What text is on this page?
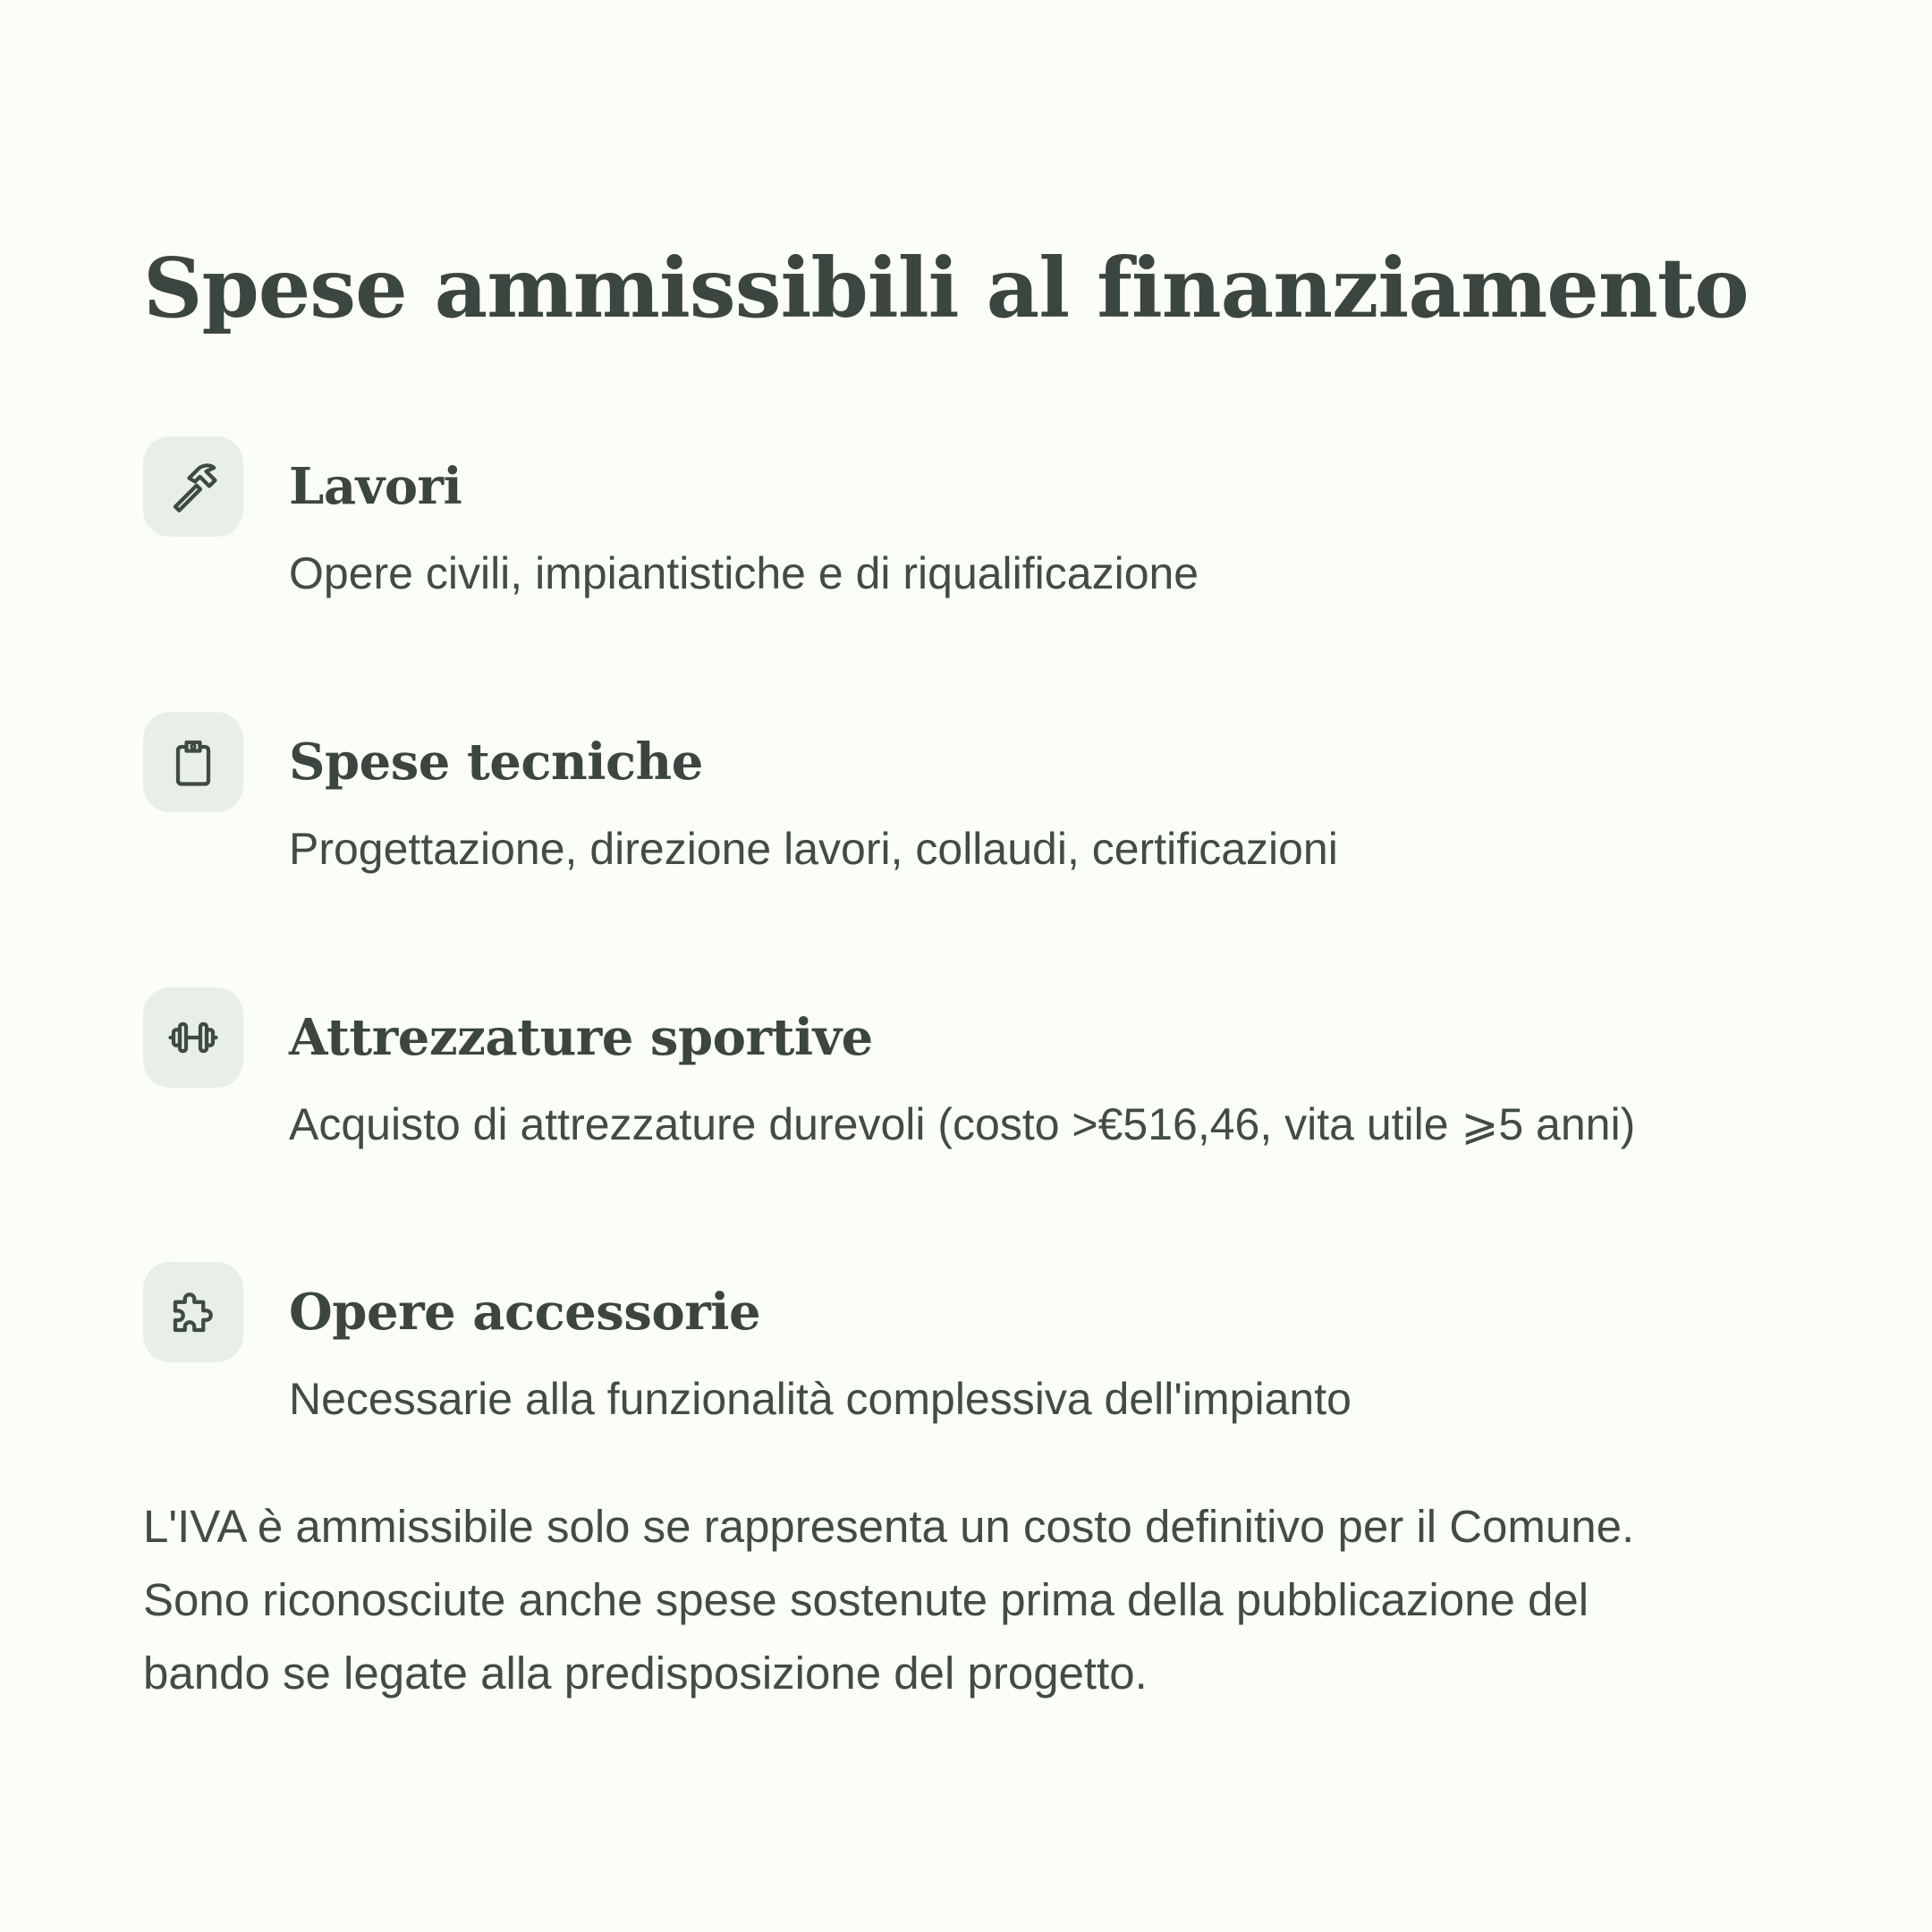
Spese ammissibili al finanziamento
Lavori

Opere civili, impiantistiche e di riqualificazione

Spese tecniche

Progettazione, direzione lavori, collaudi, certificazioni

Attrezzature sportive

Acquisto di attrezzature durevoli (costo >€516,46, vita utile ⩾5 anni)

Opere accessorie

Necessarie alla funzionalità complessiva dell'impianto

L'IVA è ammissibile solo se rappresenta un costo definitivo per il Comune.
Sono riconosciute anche spese sostenute prima della pubblicazione del
bando se legate alla predisposizione del progetto.
